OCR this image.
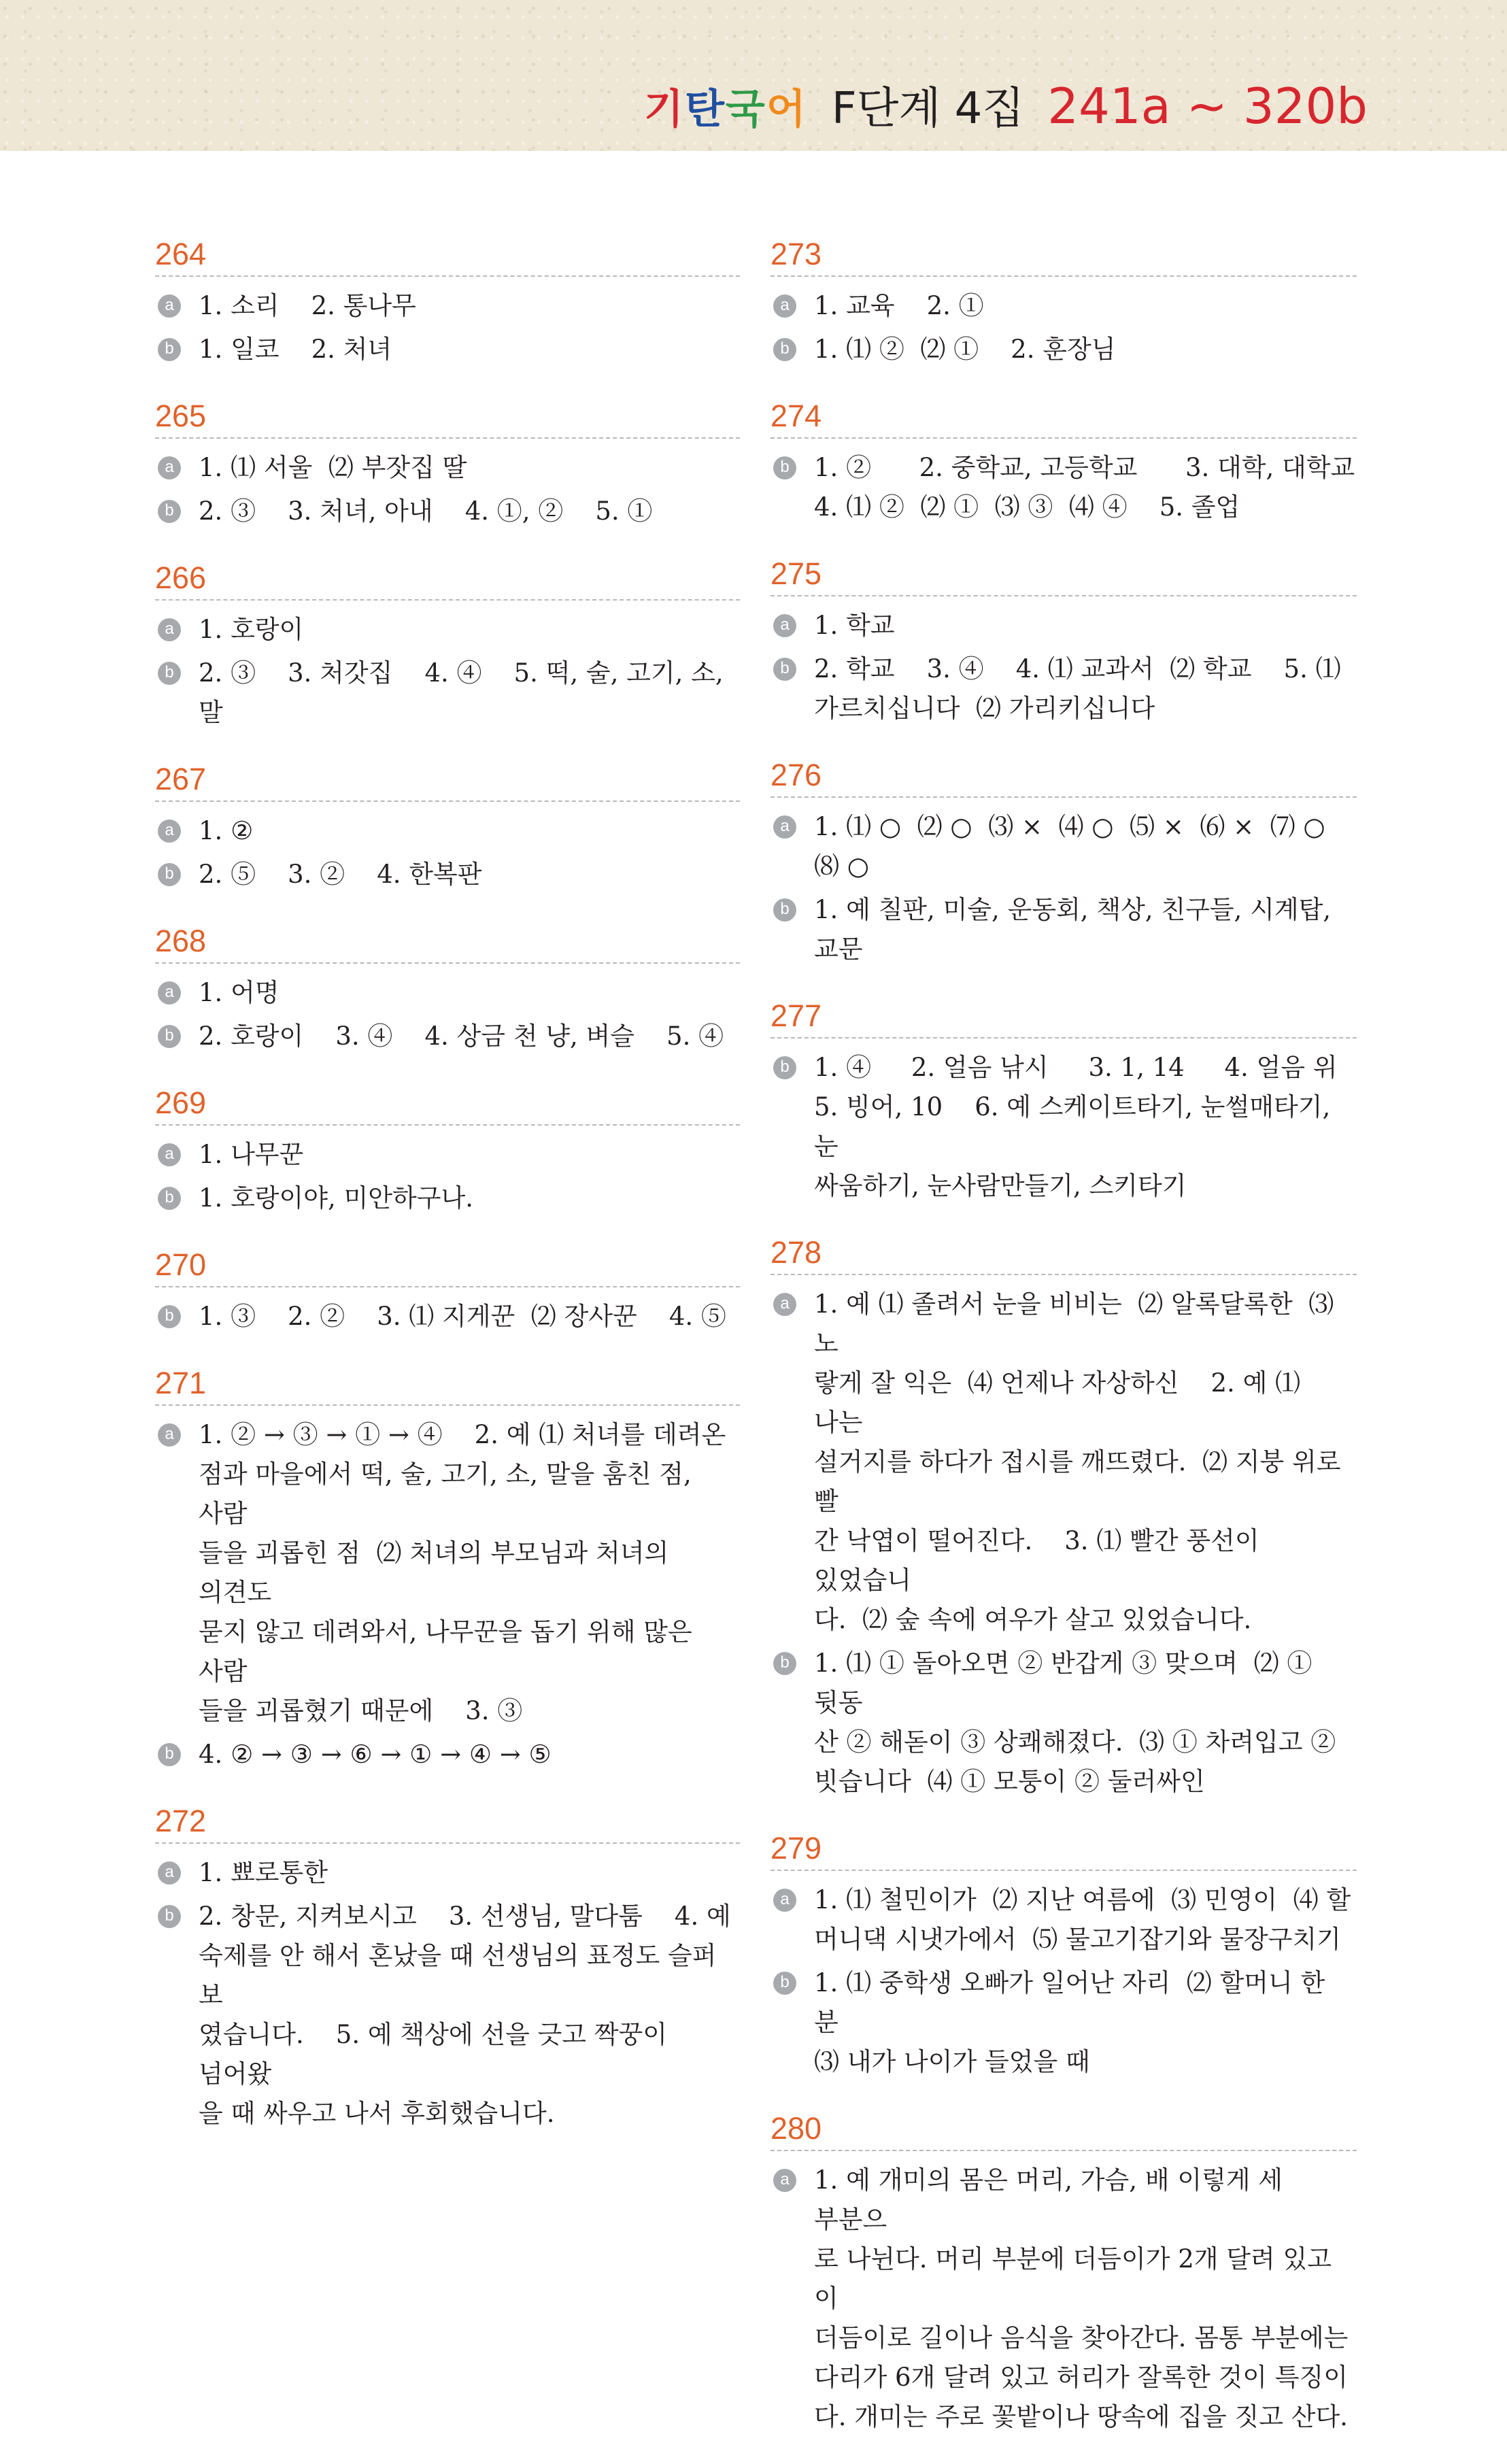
기탄국어 F단계 4집 241a ~ 320b
264
a 1. 소리    2. 통나무
b 1. 일코    2. 처녀
265
a 1. ⑴ 서울  ⑵ 부잣집 딸
b 2. ③    3. 처녀, 아내    4. ①, ②    5. ①
266
a 1. 호랑이
b 2. ③    3. 처갓집    4. ④    5. 떡, 술, 고기, 소, 말
267
a 1. ②
b 2. ⑤    3. ②    4. 한복판
268
a 1. 어명
b 2. 호랑이    3. ④    4. 상금 천 냥, 벼슬    5. ④
269
a 1. 나무꾼
b 1. 호랑이야, 미안하구나.
270
b 1. ③    2. ②    3. ⑴ 지게꾼  ⑵ 장사꾼    4. ⑤
271
a 1. ② → ③ → ① → ④    2. 예 ⑴ 처녀를 데려온
점과 마을에서 떡, 술, 고기, 소, 말을 훔친 점, 사람
들을 괴롭힌 점  ⑵ 처녀의 부모님과 처녀의 의견도
묻지 않고 데려와서, 나무꾼을 돕기 위해 많은 사람
들을 괴롭혔기 때문에    3. ③
b 4. ② → ③ → ⑥ → ① → ④ → ⑤
272
a 1. 뾰로통한
b 2. 창문, 지켜보시고    3. 선생님, 말다툼    4. 예
숙제를 안 해서 혼났을 때 선생님의 표정도 슬퍼 보
였습니다.    5. 예 책상에 선을 긋고 짝꿍이 넘어왔
을 때 싸우고 나서 후회했습니다.
273
a 1. 교육    2. ①
b 1. ⑴ ②  ⑵ ①    2. 훈장님
274
b 1. ②      2. 중학교, 고등학교      3. 대학, 대학교
4. ⑴ ②  ⑵ ①  ⑶ ③  ⑷ ④    5. 졸업
275
a 1. 학교
b 2. 학교    3. ④    4. ⑴ 교과서  ⑵ 학교    5. ⑴
가르치십니다  ⑵ 가리키십니다
276
a 1. ⑴ ○  ⑵ ○  ⑶ ×  ⑷ ○  ⑸ ×  ⑹ ×  ⑺ ○
⑻ ○
b 1. 예 칠판, 미술, 운동회, 책상, 친구들, 시계탑, 교문
277
b 1. ④     2. 얼음 낚시     3. 1, 14     4. 얼음 위
5. 빙어, 10    6. 예 스케이트타기, 눈썰매타기, 눈
싸움하기, 눈사람만들기, 스키타기
278
a 1. 예 ⑴ 졸려서 눈을 비비는  ⑵ 알록달록한  ⑶ 노
랗게 잘 익은  ⑷ 언제나 자상하신    2. 예 ⑴ 나는
설거지를 하다가 접시를 깨뜨렸다.  ⑵ 지붕 위로 빨
간 낙엽이 떨어진다.    3. ⑴ 빨간 풍선이 있었습니
다.  ⑵ 숲 속에 여우가 살고 있었습니다.
b 1. ⑴ ① 돌아오면 ② 반갑게 ③ 맞으며  ⑵ ① 뒷동
산 ② 해돋이 ③ 상쾌해졌다.  ⑶ ① 차려입고 ②
빗습니다  ⑷ ① 모퉁이 ② 둘러싸인
279
a 1. ⑴ 철민이가  ⑵ 지난 여름에  ⑶ 민영이  ⑷ 할
머니댁 시냇가에서  ⑸ 물고기잡기와 물장구치기
b 1. ⑴ 중학생 오빠가 일어난 자리  ⑵ 할머니 한 분
⑶ 내가 나이가 들었을 때
280
a 1. 예 개미의 몸은 머리, 가슴, 배 이렇게 세 부분으
로 나뉜다. 머리 부분에 더듬이가 2개 달려 있고 이
더듬이로 길이나 음식을 찾아간다. 몸통 부분에는
다리가 6개 달려 있고 허리가 잘록한 것이 특징이
다. 개미는 주로 꽃밭이나 땅속에 집을 짓고 산다.
